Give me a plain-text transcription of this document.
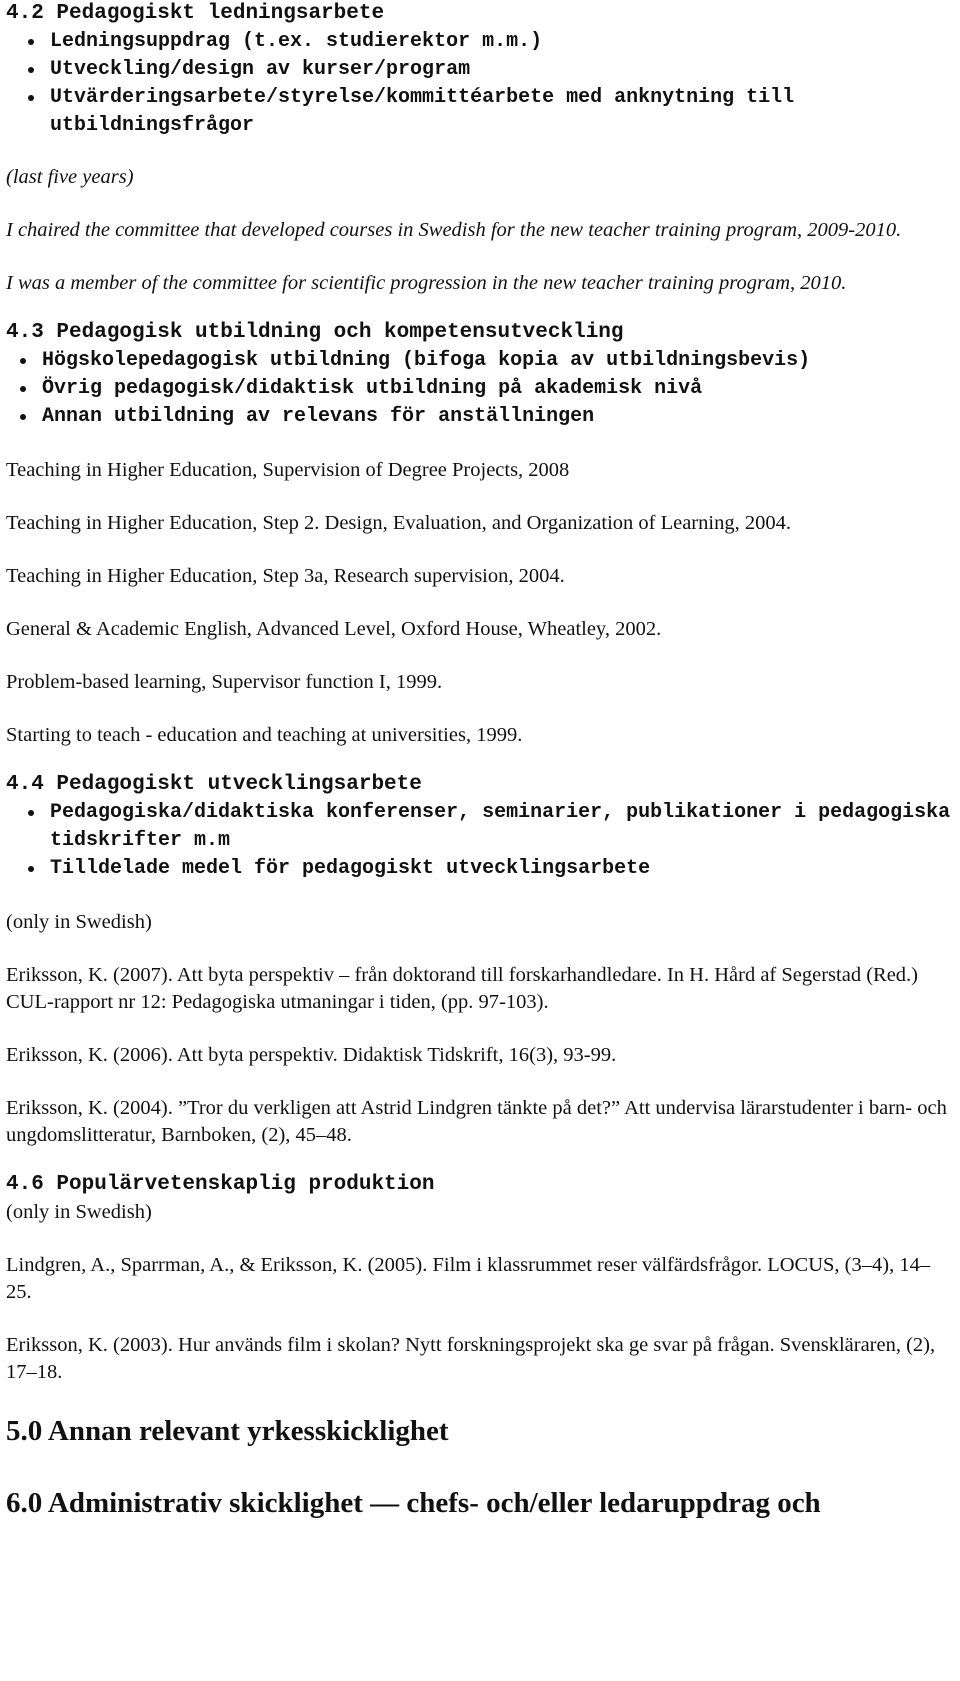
4.2 Pedagogiskt ledningsarbete
Ledningsuppdrag (t.ex. studierektor m.m.)
Utveckling/design av kurser/program
Utvärderingsarbete/styrelse/kommittéarbete med anknytning till utbildningsfrågor

(last five years)

I chaired the committee that developed courses in Swedish for the new teacher training program, 2009-2010.

I was a member of the committee for scientific progression in the new teacher training program, 2010.

4.3 Pedagogisk utbildning och kompetensutveckling
Högskolepedagogisk utbildning (bifoga kopia av utbildningsbevis)
Övrig pedagogisk/didaktisk utbildning på akademisk nivå
Annan utbildning av relevans för anställningen

Teaching in Higher Education, Supervision of Degree Projects, 2008

Teaching in Higher Education, Step 2. Design, Evaluation, and Organization of Learning, 2004.

Teaching in Higher Education, Step 3a, Research supervision, 2004.

General & Academic English, Advanced Level, Oxford House, Wheatley, 2002.

Problem-based learning, Supervisor function I, 1999.

Starting to teach - education and teaching at universities, 1999.

4.4 Pedagogiskt utvecklingsarbete
Pedagogiska/didaktiska konferenser, seminarier, publikationer i pedagogiska tidskrifter m.m
Tilldelade medel för pedagogiskt utvecklingsarbete

(only in Swedish)

Eriksson, K. (2007). Att byta perspektiv – från doktorand till forskarhandledare. In H. Hård af Segerstad (Red.) CUL-rapport nr 12: Pedagogiska utmaningar i tiden, (pp. 97-103).

Eriksson, K. (2006). Att byta perspektiv. Didaktisk Tidskrift, 16(3), 93-99.

Eriksson, K. (2004). ”Tror du verkligen att Astrid Lindgren tänkte på det?” Att undervisa lärarstudenter i barn- och ungdomslitteratur, Barnboken, (2), 45–48.

4.6 Populärvetenskaplig produktion

(only in Swedish)

Lindgren, A., Sparrman, A., & Eriksson, K. (2005). Film i klassrummet reser välfärdsfrågor. LOCUS, (3–4), 14–25.

Eriksson, K. (2003). Hur används film i skolan? Nytt forskningsprojekt ska ge svar på frågan. Svenskläraren, (2), 17–18.

5.0 Annan relevant yrkesskicklighet
6.0 Administrativ skicklighet — chefs- och/eller ledaruppdrag och
